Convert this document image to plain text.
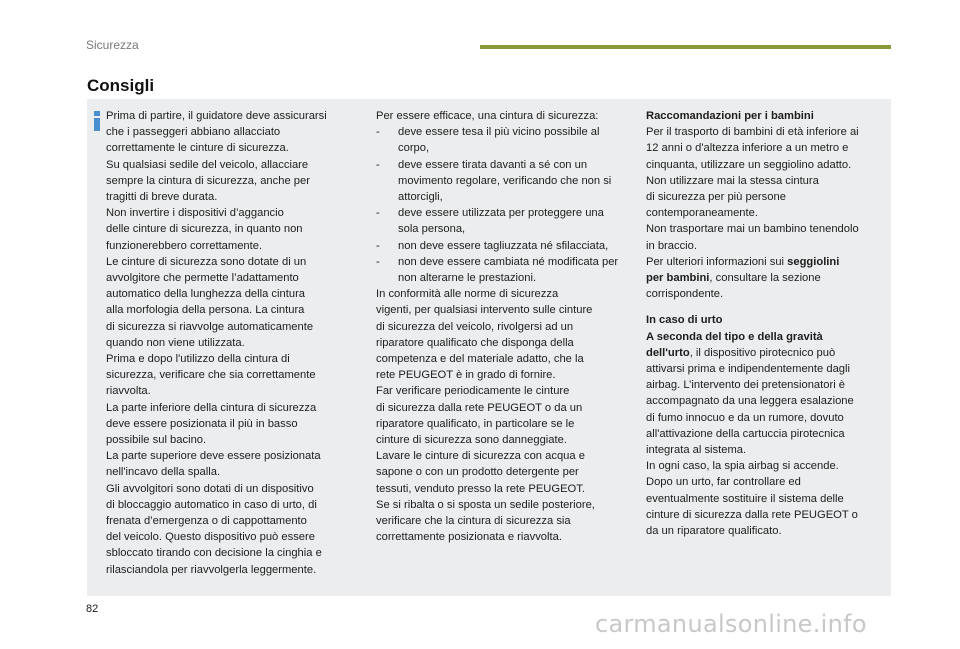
Sicurezza
Consigli
Prima di partire, il guidatore deve assicurarsi
che i passeggeri abbiano allacciato
correttamente le cinture di sicurezza.
Su qualsiasi sedile del veicolo, allacciare
sempre la cintura di sicurezza, anche per
tragitti di breve durata.
Non invertire i dispositivi d’aggancio
delle cinture di sicurezza, in quanto non
funzionerebbero correttamente.
Le cinture di sicurezza sono dotate di un
avvolgitore che permette l’adattamento
automatico della lunghezza della cintura
alla morfologia della persona. La cintura
di sicurezza si riavvolge automaticamente
quando non viene utilizzata.
Prima e dopo l'utilizzo della cintura di
sicurezza, verificare che sia correttamente
riavvolta.
La parte inferiore della cintura di sicurezza
deve essere posizionata il più in basso
possibile sul bacino.
La parte superiore deve essere posizionata
nell'incavo della spalla.
Gli avvolgitori sono dotati di un dispositivo
di bloccaggio automatico in caso di urto, di
frenata d’emergenza o di cappottamento
del veicolo. Questo dispositivo può essere
sbloccato tirando con decisione la cinghia e
rilasciandola per riavvolgerla leggermente.
Per essere efficace, una cintura di sicurezza:
-	deve essere tesa il più vicino possibile al corpo,
-	deve essere tirata davanti a sé con un movimento regolare, verificando che non si attorcigli,
-	deve essere utilizzata per proteggere una sola persona,
-	non deve essere tagliuzzata né sfilacciata,
-	non deve essere cambiata né modificata per non alterarne le prestazioni.
In conformità alle norme di sicurezza
vigenti, per qualsiasi intervento sulle cinture
di sicurezza del veicolo, rivolgersi ad un
riparatore qualificato che disponga della
competenza e del materiale adatto, che la
rete PEUGEOT è in grado di fornire.
Far verificare periodicamente le cinture
di sicurezza dalla rete PEUGEOT o da un
riparatore qualificato, in particolare se le
cinture di sicurezza sono danneggiate.
Lavare le cinture di sicurezza con acqua e
sapone o con un prodotto detergente per
tessuti, venduto presso la rete PEUGEOT.
Se si ribalta o si sposta un sedile posteriore,
verificare che la cintura di sicurezza sia
correttamente posizionata e riavvolta.
Raccomandazioni per i bambini
Per il trasporto di bambini di età inferiore ai
12 anni o d'altezza inferiore a un metro e
cinquanta, utilizzare un seggiolino adatto.
Non utilizzare mai la stessa cintura
di sicurezza per più persone
contemporaneamente.
Non trasportare mai un bambino tenendolo
in braccio.
Per ulteriori informazioni sui seggiolini
per bambini, consultare la sezione
corrispondente.
In caso di urto
A seconda del tipo e della gravità
dell'urto, il dispositivo pirotecnico può
attivarsi prima e indipendentemente dagli
airbag. L’intervento dei pretensionatori è
accompagnato da una leggera esalazione
di fumo innocuo e da un rumore, dovuto
all'attivazione della cartuccia pirotecnica
integrata al sistema.
In ogni caso, la spia airbag si accende.
Dopo un urto, far controllare ed
eventualmente sostituire il sistema delle
cinture di sicurezza dalla rete PEUGEOT o
da un riparatore qualificato.
82
carmanualsonline.info
